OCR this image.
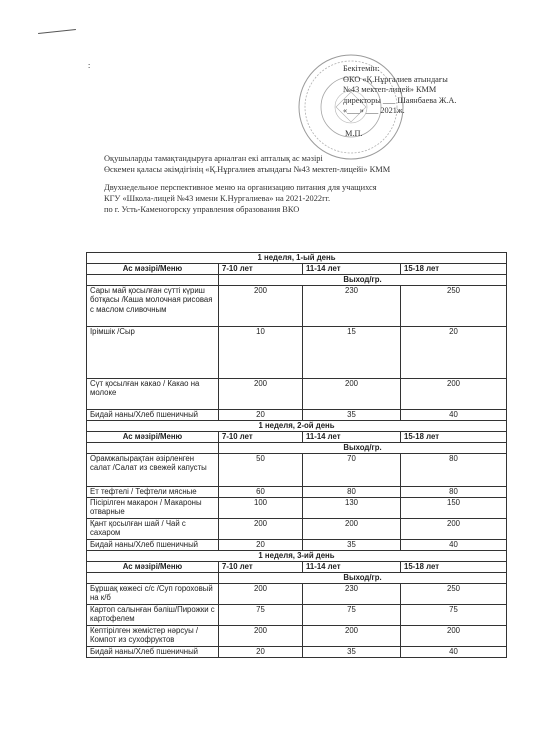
:	Бекітемін:
ӨКО «Қ.Нұргалиев атындағы
№43 мектеп-лицей» КММ
директоры ___ Шаянбаева Ж.А.
«___» ___ 2021ж.
М.П.
Оқушыларды тамақтандыруға арналған екі апталық ас мәзірі
Өскемен қаласы әкімдігінің «Қ.Нұргалиев атындағы №43 мектеп-лицейі» КММ
Двухнедельное перспективное меню на организацию питания для учащихся
КГУ «Школа-лицей №43 имени К.Нургалиева» на 2021-2022гг.
по г. Усть-Каменогорску управления образования ВКО
1 неделя, 1-ый день			
Ас мәзірі/Меню	7-10 лет	11-14 лет	15-18 лет
	Выход/гр.		
Сары май қосылған сүтті күриш ботқасы /Каша молочная рисовая с маслом сливочным	200	230	250
Ірімшік /Сыр	10	15	20
Сүт қосылған какао / Какао на молоке	200	200	200
Бидай наны/Хлеб пшеничный	20	35	40
1 неделя, 2-ой день			
Ас мәзірі/Меню	7-10 лет	11-14 лет	15-18 лет
	Выход/гр.		
Орамжапырақтан әзірленген салат /Салат из свежей капусты	50	70	80
Ет тефтелі / Тефтели мясные	60	80	80
Пісірілген макарон / Макароны отварные	100	130	150
Қант қосылған шай / Чай с сахаром	200	200	200
Бидай наны/Хлеб пшеничный	20	35	40
1 неделя, 3-ий день			
Ас мәзірі/Меню	7-10 лет	11-14 лет	15-18 лет
	Выход/гр.		
Бұршақ көжесі с/с /Суп гороховый на к/б	200	230	250
Картоп салынған бәліш/Пирожки с картофелем	75	75	75
Кептірілген жемістер нәрсуы /Компот из сухофруктов	200	200	200
Бидай наны/Хлеб пшеничный	20	35	40
